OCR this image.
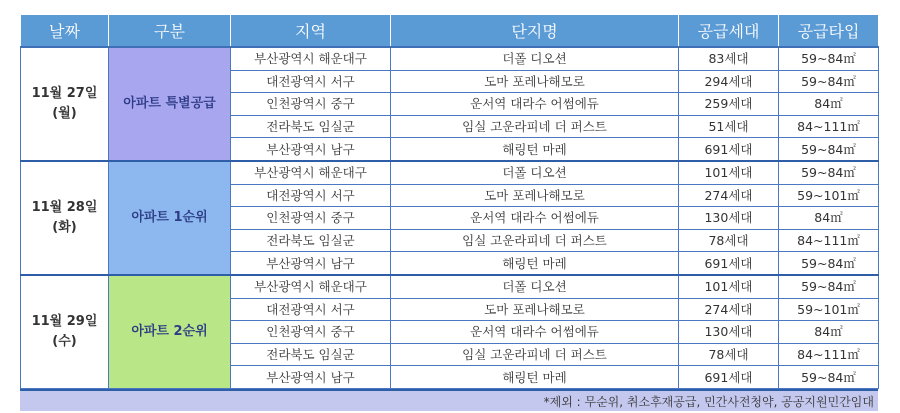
날짜	구분	지역	단지명	공급세대	공급타입

11월 27일
(월)	아파트 특별공급	부산광역시 해운대구	더폴 디오션	83세대	59~84㎡
		대전광역시 서구	도마 포레나해모로	294세대	59~84㎡
		인천광역시 중구	운서역 대라수 어썸에듀	259세대	84㎡
		전라북도 임실군	임실 고운라피네 더 퍼스트	51세대	84~111㎡
		부산광역시 남구	해링턴 마레	691세대	59~84㎡

11월 28일
(화)	아파트 1순위	부산광역시 해운대구	더폴 디오션	101세대	59~84㎡
		대전광역시 서구	도마 포레나해모로	274세대	59~101㎡
		인천광역시 중구	운서역 대라수 어썸에듀	130세대	84㎡
		전라북도 임실군	임실 고운라피네 더 퍼스트	78세대	84~111㎡
		부산광역시 남구	해링턴 마레	691세대	59~84㎡

11월 29일
(수)	아파트 2순위	부산광역시 해운대구	더폴 디오션	101세대	59~84㎡
		대전광역시 서구	도마 포레나해모로	274세대	59~101㎡
		인천광역시 중구	운서역 대라수 어썸에듀	130세대	84㎡
		전라북도 임실군	임실 고운라피네 더 퍼스트	78세대	84~111㎡
		부산광역시 남구	해링턴 마레	691세대	59~84㎡
*제외 : 무순위, 취소후재공급, 민간사전청약, 공공지원민간임대
